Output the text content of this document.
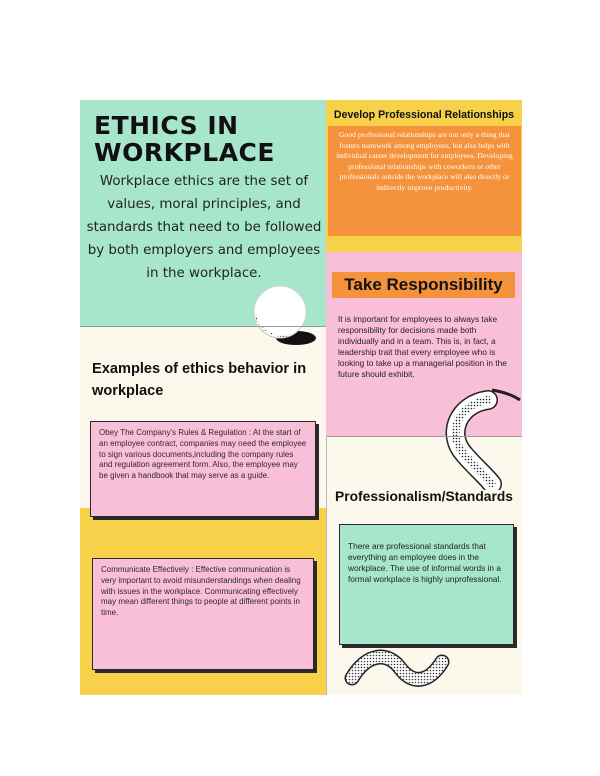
ETHICS IN
WORKPLACE

Workplace ethics are the set of values, moral principles, and standards that need to be followed by both employers and employees in the workplace.

Examples of ethics behavior in workplace

Obey The Company's Rules & Regulation : At the start of an employee contract, companies may need the employee to sign various documents,including the company rules and regulation agreement form. Also, the employee may be given a handbook that may serve as a guide.

Communicate Effectively : Effective communication is very important to avoid misunderstandings when dealing with issues in the workplace. Communicating effectively may mean different things to people at different points in time.

Develop Professional Relationships

Good professional relationships are not only a thing that fosters teamwork among employees, but also helps with individual career development for employees. Developing professional relationships with coworkers or other professionals outside the workplace will also directly or indirectly improve productivity.

Take Responsibility

It is important for employees to always take responsibility for decisions made both individually and in a team. This is, in fact, a leadership trait that every employee who is looking to take up a managerial position in the future should exhibit.

Professionalism/Standards

There are professional standards that everything an employee does in the workplace. The use of informal words in a formal workplace is highly unprofessional.
